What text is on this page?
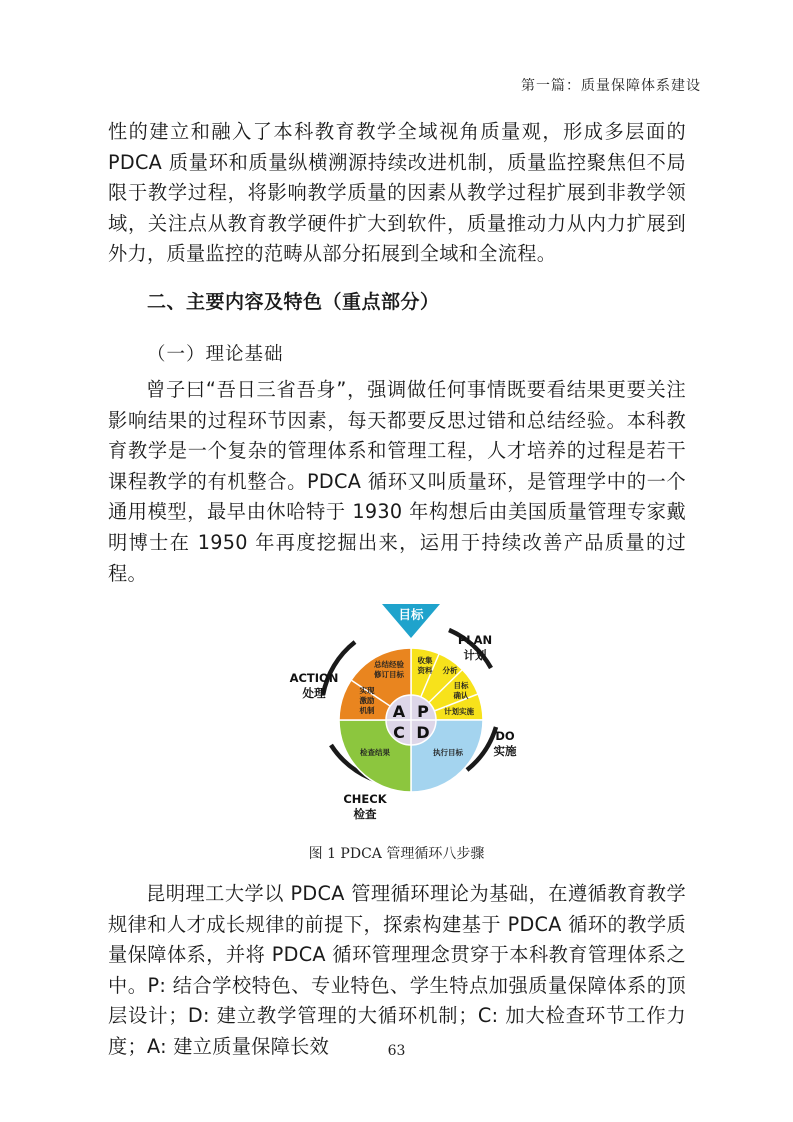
第一篇：质量保障体系建设

性的建立和融入了本科教育教学全域视角质量观，形成多层面的 PDCA 质量环和质量纵横溯源持续改进机制，质量监控聚焦但不局限于教学过程，将影响教学质量的因素从教学过程扩展到非教学领域，关注点从教育教学硬件扩大到软件，质量推动力从内力扩展到外力，质量监控的范畴从部分拓展到全域和全流程。

二、主要内容及特色（重点部分）
（一）理论基础

曾子曰“吾日三省吾身”，强调做任何事情既要看结果更要关注影响结果的过程环节因素，每天都要反思过错和总结经验。本科教育教学是一个复杂的管理体系和管理工程，人才培养的过程是若干课程教学的有机整合。PDCA 循环又叫质量环，是管理学中的一个通用模型，最早由休哈特于 1930 年构想后由美国质量管理专家戴明博士在 1950 年再度挖掘出来，运用于持续改善产品质量的过程。

A P
C D
目标
收集
资料 分析
目标
确认
计划实施
执行目标
检查结果
实现
激励
机制
总结经验
修订目标
PLAN
计划
DO
实施
CHECK
检查
ACTION
处理
图 1 PDCA 管理循环八步骤

昆明理工大学以 PDCA 管理循环理论为基础，在遵循教育教学规律和人才成长规律的前提下，探索构建基于 PDCA 循环的教学质量保障体系，并将 PDCA 循环管理理念贯穿于本科教育管理体系之中。P: 结合学校特色、专业特色、学生特点加强质量保障体系的顶层设计；D: 建立教学管理的大循环机制；C: 加大检查环节工作力度；A: 建立质量保障长效	63
